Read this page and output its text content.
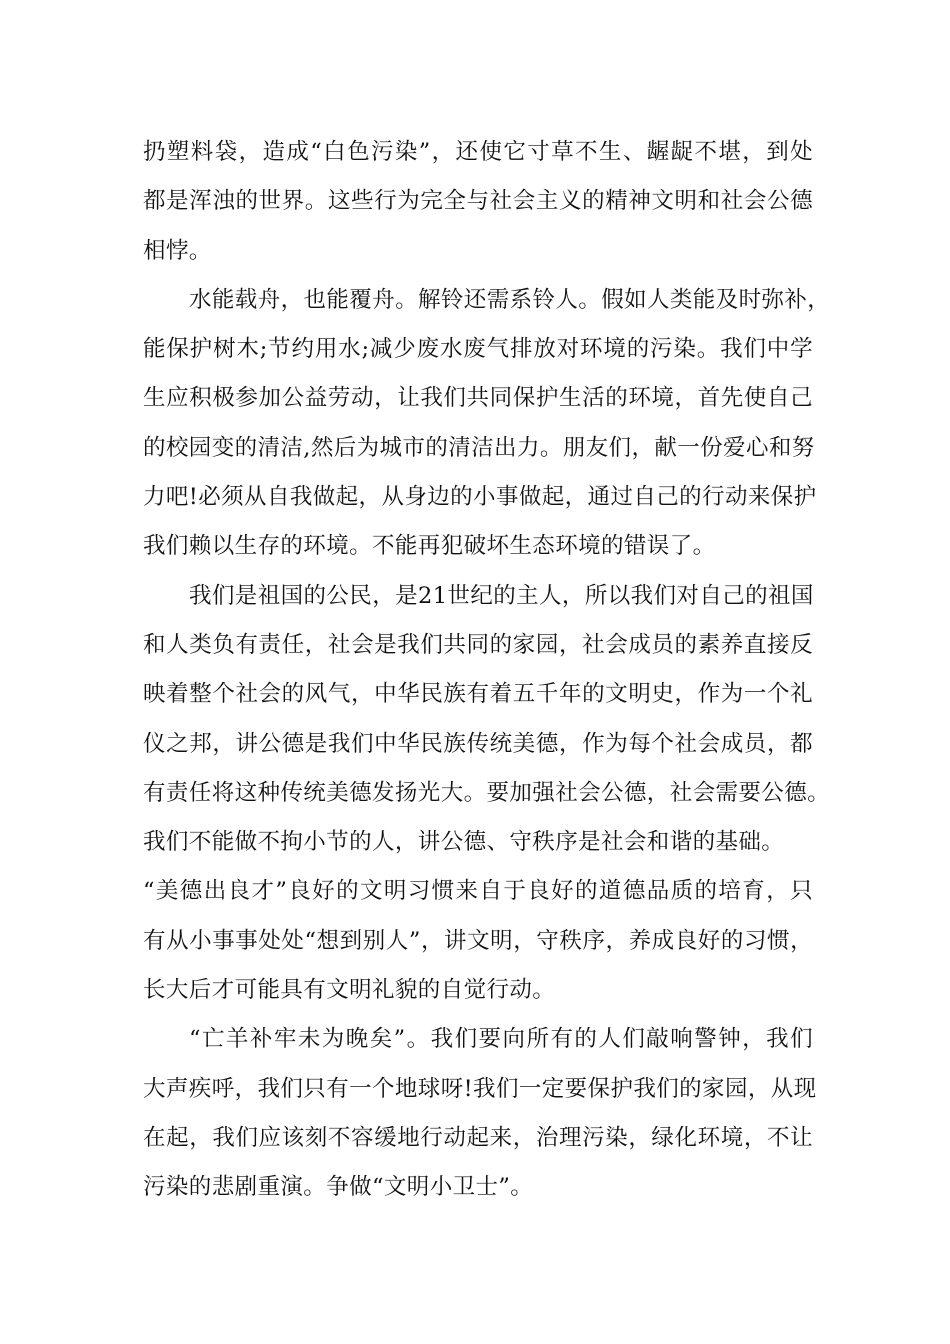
扔塑料袋，造成“白色污染”，还使它寸草不生、龌龊不堪，到处
都是浑浊的世界。这些行为完全与社会主义的精神文明和社会公德
相悖。
水能载舟，也能覆舟。解铃还需系铃人。假如人类能及时弥补，
能保护树木;节约用水;减少废水废气排放对环境的污染。我们中学
生应积极参加公益劳动，让我们共同保护生活的环境，首先使自己
的校园变的清洁,然后为城市的清洁出力。朋友们，献一份爱心和努
力吧!必须从自我做起，从身边的小事做起，通过自己的行动来保护
我们赖以生存的环境。不能再犯破坏生态环境的错误了。
我们是祖国的公民，是21世纪的主人，所以我们对自己的祖国
和人类负有责任，社会是我们共同的家园，社会成员的素养直接反
映着整个社会的风气，中华民族有着五千年的文明史，作为一个礼
仪之邦，讲公德是我们中华民族传统美德，作为每个社会成员，都
有责任将这种传统美德发扬光大。要加强社会公德，社会需要公德。
我们不能做不拘小节的人，讲公德、守秩序是社会和谐的基础。
“美德出良才”良好的文明习惯来自于良好的道德品质的培育，只
有从小事事处处“想到别人”，讲文明，守秩序，养成良好的习惯，
长大后才可能具有文明礼貌的自觉行动。
“亡羊补牢未为晚矣”。我们要向所有的人们敲响警钟，我们
大声疾呼，我们只有一个地球呀!我们一定要保护我们的家园，从现
在起，我们应该刻不容缓地行动起来，治理污染，绿化环境，不让
污染的悲剧重演。争做“文明小卫士”。
